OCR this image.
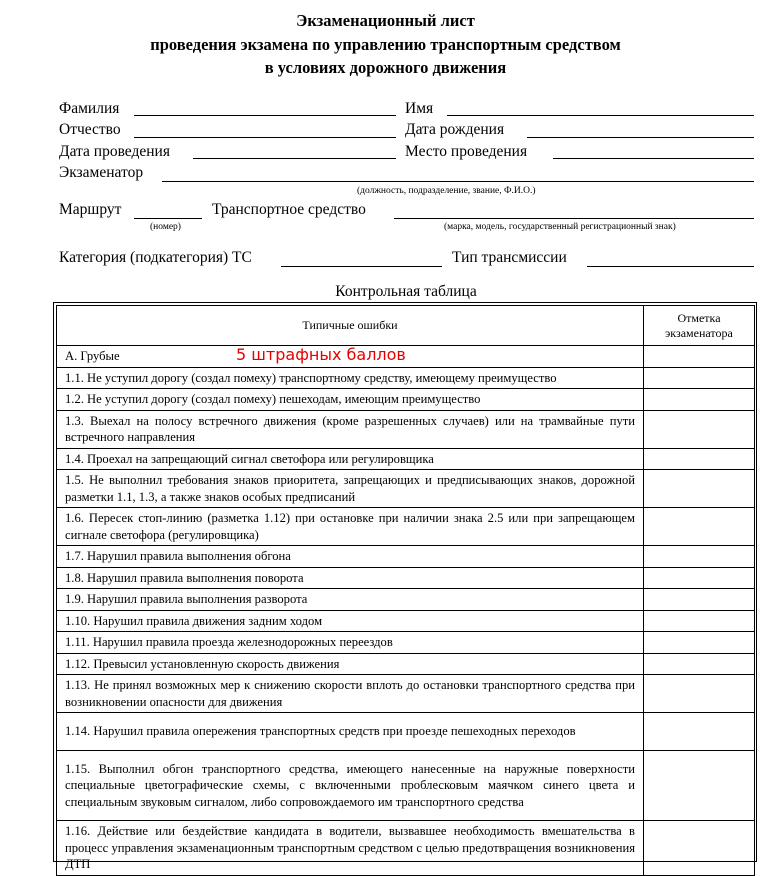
Экзаменационный лист
проведения экзамена по управлению транспортным средством
в условиях дорожного движения
Фамилия	Имя
Отчество	Дата рождения
Дата проведения	Место проведения
Экзаменатор
(должность, подразделение, звание, Ф.И.О.)
Маршрут
(номер)
Транспортное средство
(марка, модель, государственный регистрационный знак)
Категория (подкатегория) ТС	Тип трансмиссии
Контрольная таблица
Типичные ошибки	Отметка экзаменатора
А. Грубые	
1.1. Не уступил дорогу (создал помеху) транспортному средству, имеющему преимущество	
1.2. Не уступил дорогу (создал помеху) пешеходам, имеющим преимущество	
1.3. Выехал на полосу встречного движения (кроме разрешенных случаев) или на трамвайные пути встречного направления	
1.4. Проехал на запрещающий сигнал светофора или регулировщика	
1.5. Не выполнил требования знаков приоритета, запрещающих и предписывающих знаков, дорожной разметки 1.1, 1.3, а также знаков особых предписаний	
1.6. Пересек стоп-линию (разметка 1.12) при остановке при наличии знака 2.5 или при запрещающем сигнале светофора (регулировщика)	
1.7. Нарушил правила выполнения обгона	
1.8. Нарушил правила выполнения поворота	
1.9. Нарушил правила выполнения разворота	
1.10. Нарушил правила движения задним ходом	
1.11. Нарушил правила проезда железнодорожных переездов	
1.12. Превысил установленную скорость движения	
1.13. Не принял возможных мер к снижению скорости вплоть до остановки транспортного средства при возникновении опасности для движения	
1.14. Нарушил правила опережения транспортных средств при проезде пешеходных переходов	
1.15. Выполнил обгон транспортного средства, имеющего нанесенные на наружные поверхности специальные цветографические схемы, с включенными проблесковым маячком синего цвета и специальным звуковым сигналом, либо сопровождаемого им транспортного средства	
1.16. Действие или бездействие кандидата в водители, вызвавшее необходимость вмешательства в процесс управления экзаменационным транспортным средством с целью предотвращения возникновения ДТП	
5 штрафных баллов
